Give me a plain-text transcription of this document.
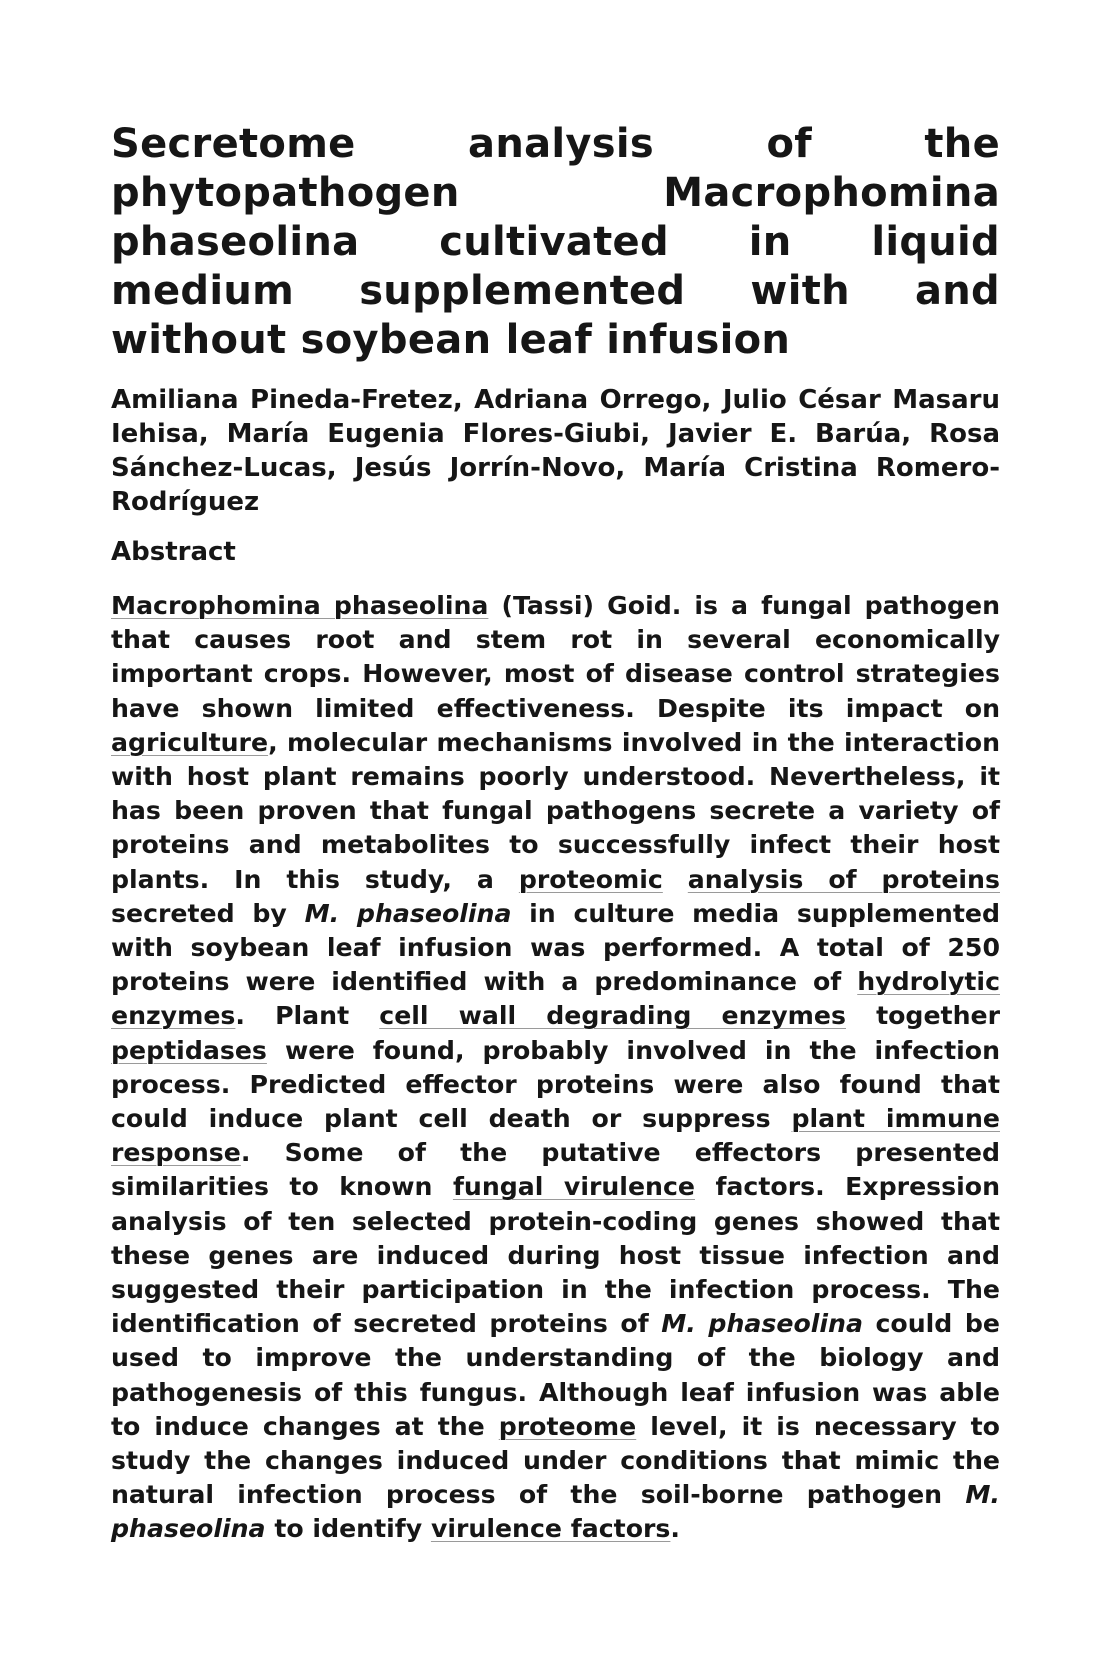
Secretome analysis of the phytopathogen Macrophomina phaseolina cultivated in liquid medium supplemented with and without soybean leaf infusion

Amiliana Pineda-Fretez, Adriana Orrego, Julio César Masaru Iehisa, María Eugenia Flores-Giubi, Javier E. Barúa, Rosa Sánchez-Lucas, Jesús Jorrín-Novo, María Cristina Romero-Rodríguez

Abstract

Macrophomina phaseolina (Tassi) Goid. is a fungal pathogen that causes root and stem rot in several economically important crops. However, most of disease control strategies have shown limited effectiveness. Despite its impact on agriculture, molecular mechanisms involved in the interaction with host plant remains poorly understood. Nevertheless, it has been proven that fungal pathogens secrete a variety of proteins and metabolites to successfully infect their host plants. In this study, a proteomic analysis of proteins secreted by M. phaseolina in culture media supplemented with soybean leaf infusion was performed. A total of 250 proteins were identified with a predominance of hydrolytic enzymes. Plant cell wall degrading enzymes together peptidases were found, probably involved in the infection process. Predicted effector proteins were also found that could induce plant cell death or suppress plant immune response. Some of the putative effectors presented similarities to known fungal virulence factors. Expression analysis of ten selected protein-coding genes showed that these genes are induced during host tissue infection and suggested their participation in the infection process. The identification of secreted proteins of M. phaseolina could be used to improve the understanding of the biology and pathogenesis of this fungus. Although leaf infusion was able to induce changes at the proteome level, it is necessary to study the changes induced under conditions that mimic the natural infection process of the soil-borne pathogen M. phaseolina to identify virulence factors.
